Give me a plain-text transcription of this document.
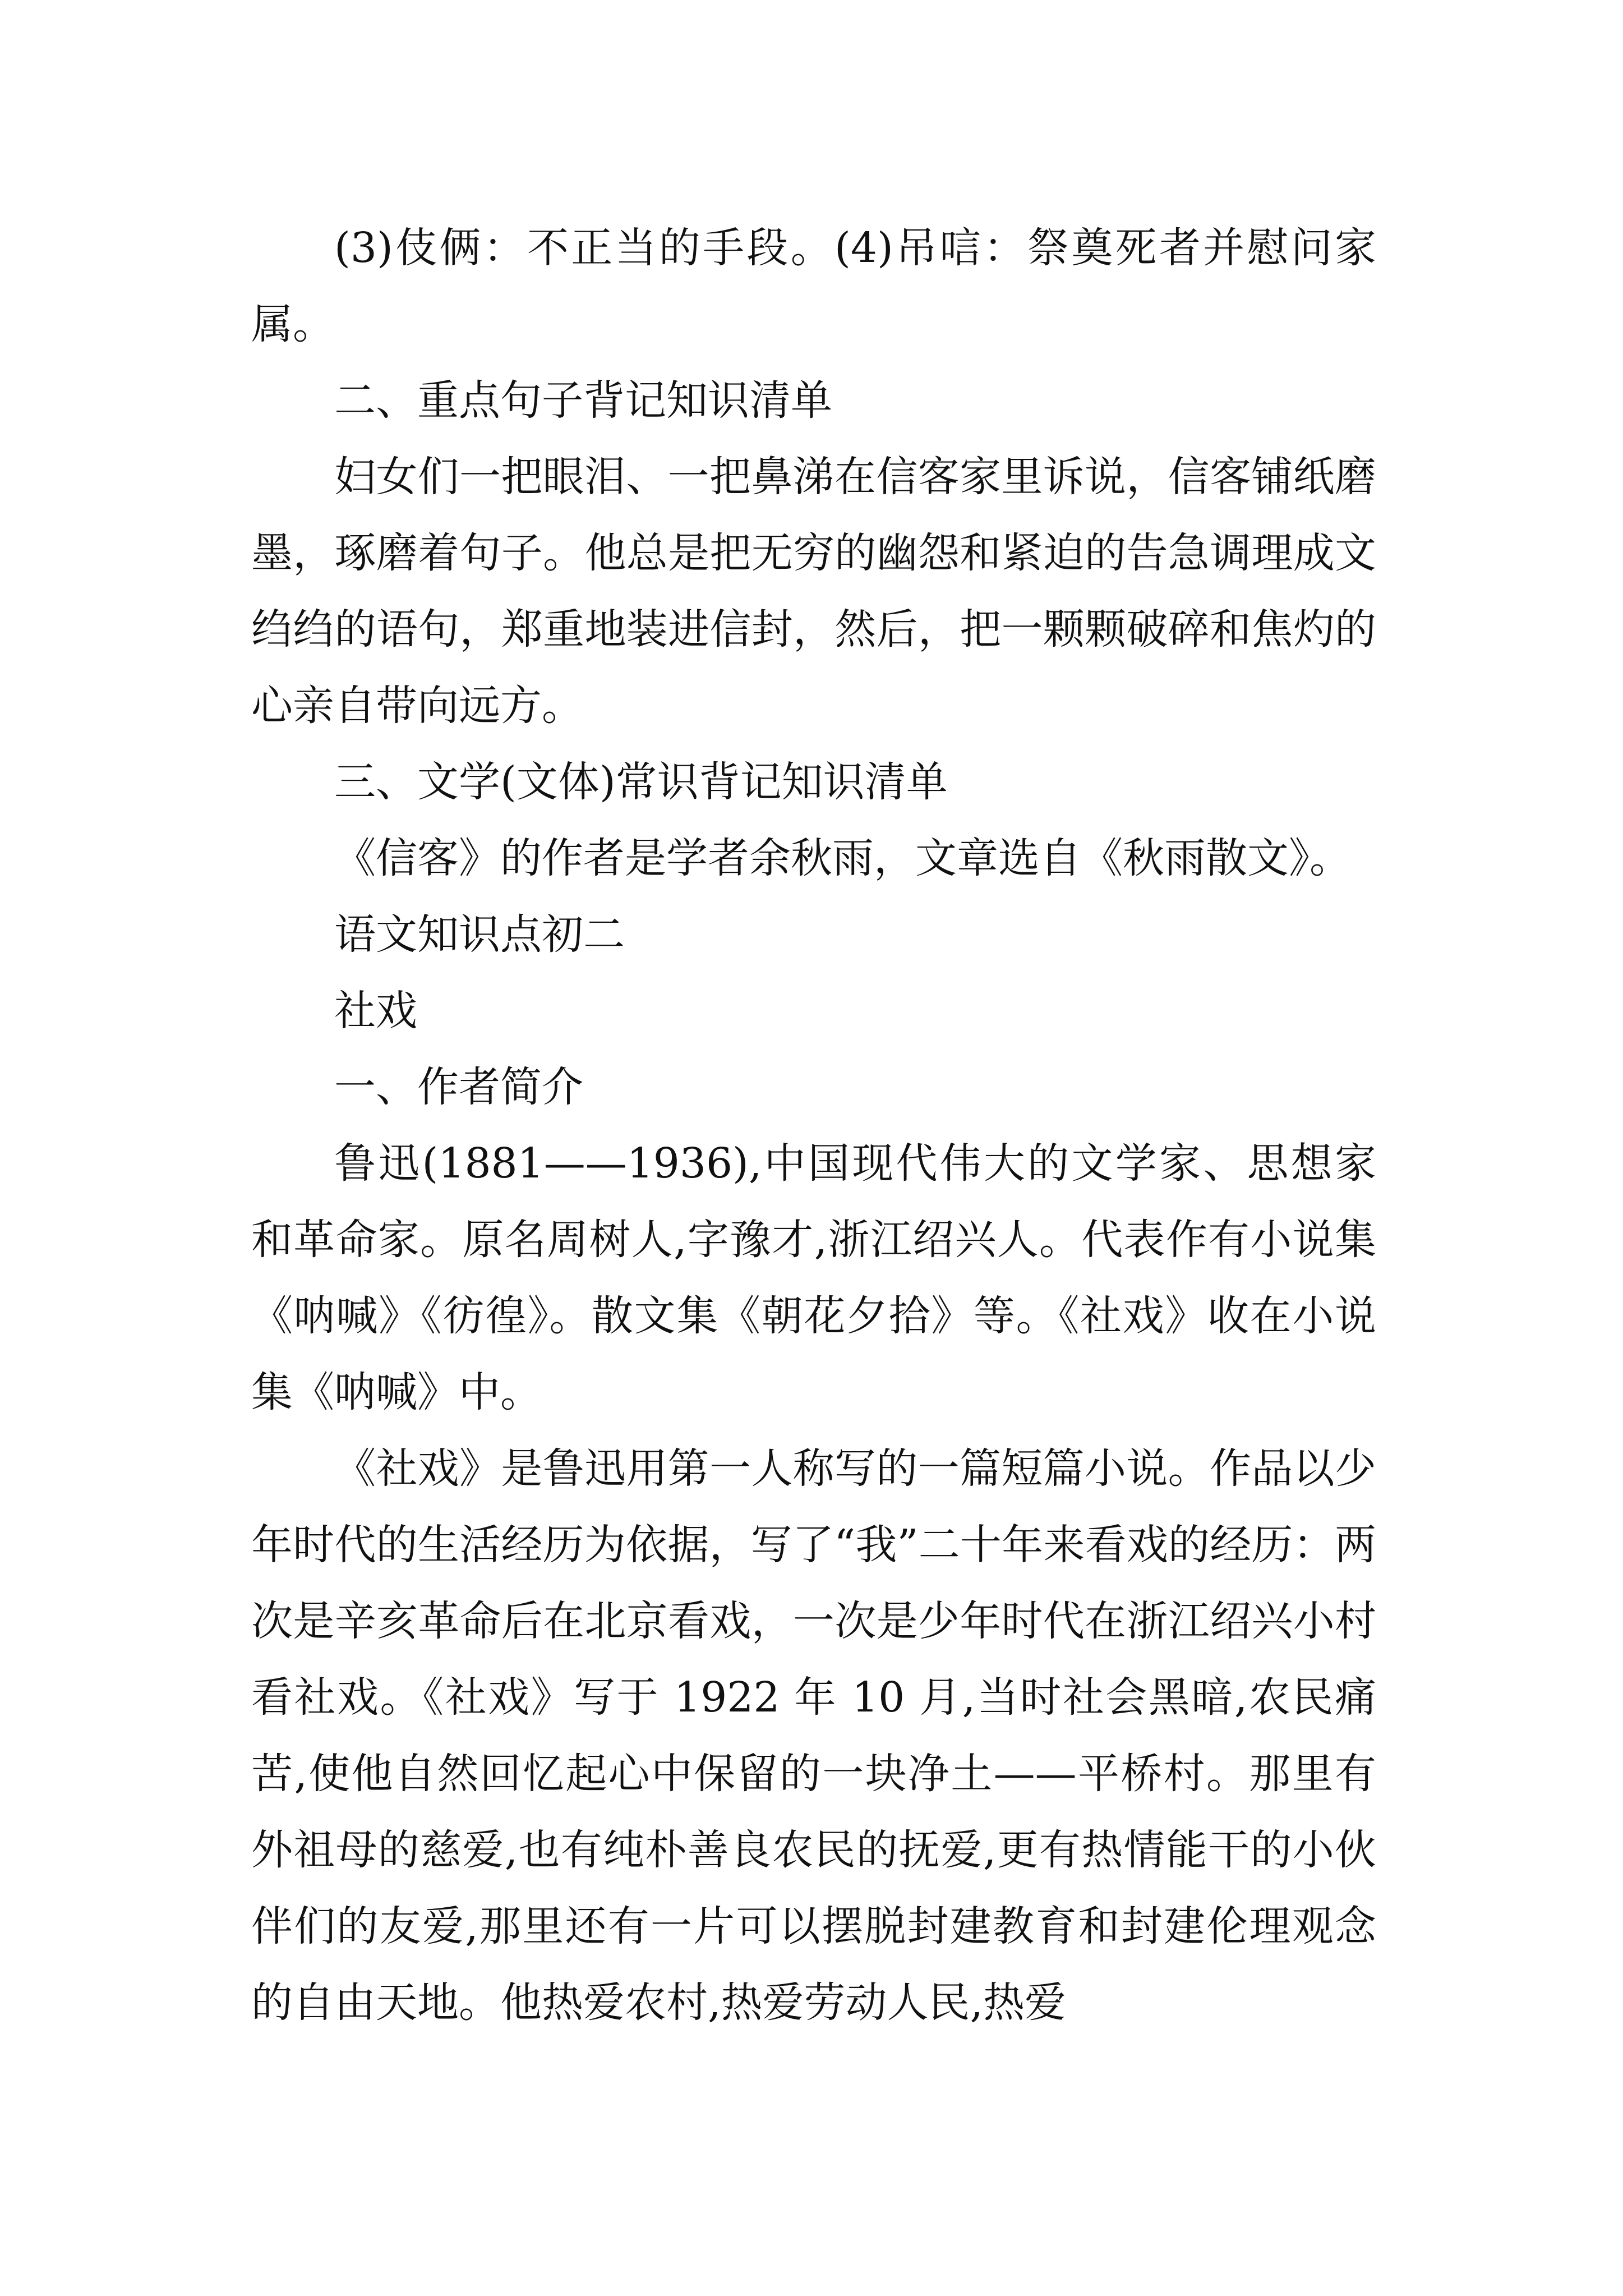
(3)伎俩：不正当的手段。(4)吊唁：祭奠死者并慰问家属。

二、重点句子背记知识清单

妇女们一把眼泪、一把鼻涕在信客家里诉说，信客铺纸磨墨，琢磨着句子。他总是把无穷的幽怨和紧迫的告急调理成文绉绉的语句，郑重地装进信封，然后，把一颗颗破碎和焦灼的心亲自带向远方。

三、文学(文体)常识背记知识清单

《信客》的作者是学者余秋雨，文章选自《秋雨散文》。

语文知识点初二

社戏

一、作者简介

鲁迅(1881——1936),中国现代伟大的文学家、思想家和革命家。原名周树人,字豫才,浙江绍兴人。代表作有小说集《呐喊》《彷徨》。散文集《朝花夕拾》等。《社戏》收在小说集《呐喊》中。

《社戏》是鲁迅用第一人称写的一篇短篇小说。作品以少年时代的生活经历为依据，写了“我”二十年来看戏的经历：两次是辛亥革命后在北京看戏，一次是少年时代在浙江绍兴小村看社戏。《社戏》写于 1922 年 10 月,当时社会黑暗,农民痛苦,使他自然回忆起心中保留的一块净土——平桥村。那里有外祖母的慈爱,也有纯朴善良农民的抚爱,更有热情能干的小伙伴们的友爱,那里还有一片可以摆脱封建教育和封建伦理观念的自由天地。他热爱农村,热爱劳动人民,热爱
